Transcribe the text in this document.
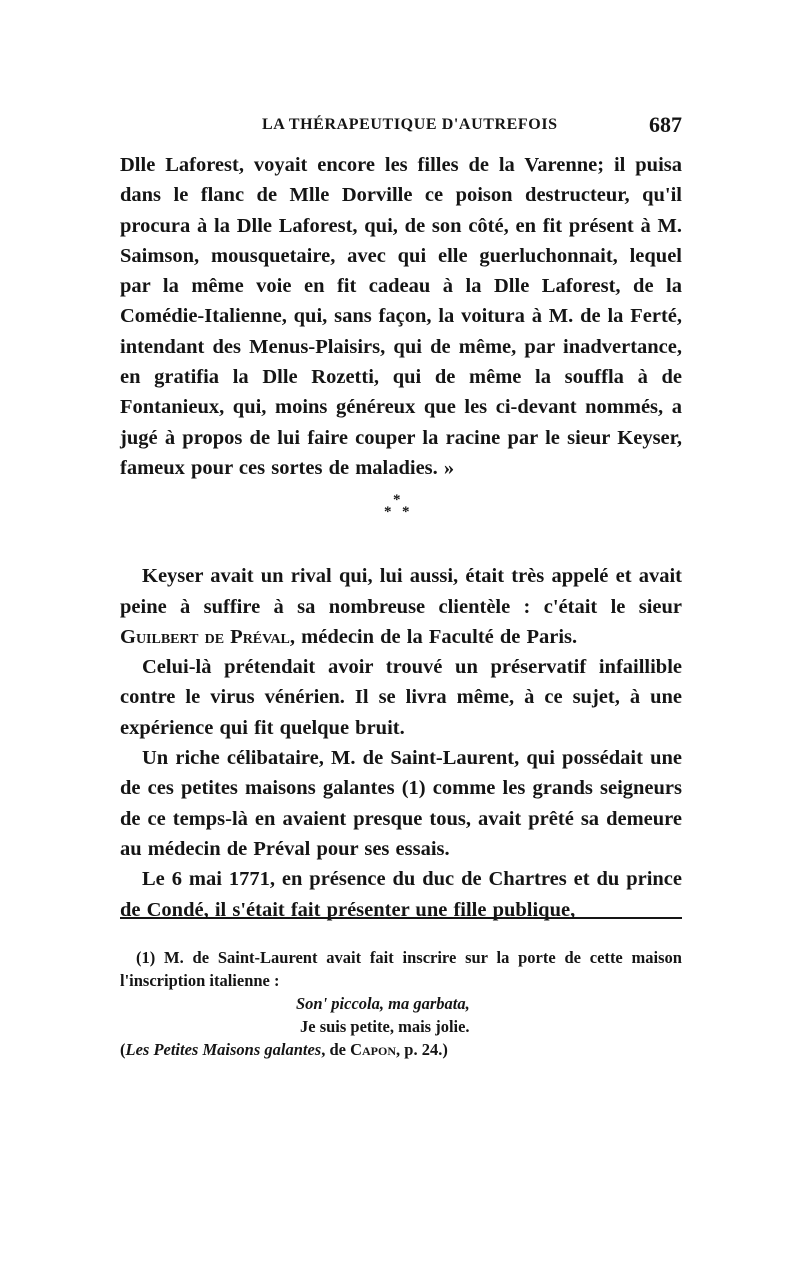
LA THÉRAPEUTIQUE D'AUTREFOIS	687

Dlle Laforest, voyait encore les filles de la Varenne; il puisa dans le flanc de Mlle Dorville ce poison destructeur, qu'il procura à la Dlle Laforest, qui, de son côté, en fit présent à M. Saimson, mousquetaire, avec qui elle guerluchonnait, lequel par la même voie en fit cadeau à la Dlle Laforest, de la Comédie-Italienne, qui, sans façon, la voitura à M. de la Ferté, intendant des Menus-Plaisirs, qui de même, par inadvertance, en gratifia la Dlle Rozetti, qui de même la souffla à de Fontanieux, qui, moins généreux que les ci-devant nommés, a jugé à propos de lui faire couper la racine par le sieur Keyser, fameux pour ces sortes de maladies. »

*
* *

Keyser avait un rival qui, lui aussi, était très appelé et avait peine à suffire à sa nombreuse clientèle : c'était le sieur Guilbert de Préval, médecin de la Faculté de Paris.

Celui-là prétendait avoir trouvé un préservatif infaillible contre le virus vénérien. Il se livra même, à ce sujet, à une expérience qui fit quelque bruit.

Un riche célibataire, M. de Saint-Laurent, qui possédait une de ces petites maisons galantes (1) comme les grands seigneurs de ce temps-là en avaient presque tous, avait prêté sa demeure au médecin de Préval pour ses essais.

Le 6 mai 1771, en présence du duc de Chartres et du prince de Condé, il s'était fait présenter une fille publique,

(1) M. de Saint-Laurent avait fait inscrire sur la porte de cette maison l'inscription italienne :

Son' piccola, ma garbata,

Je suis petite, mais jolie.

(Les Petites Maisons galantes, de Capon, p. 24.)
